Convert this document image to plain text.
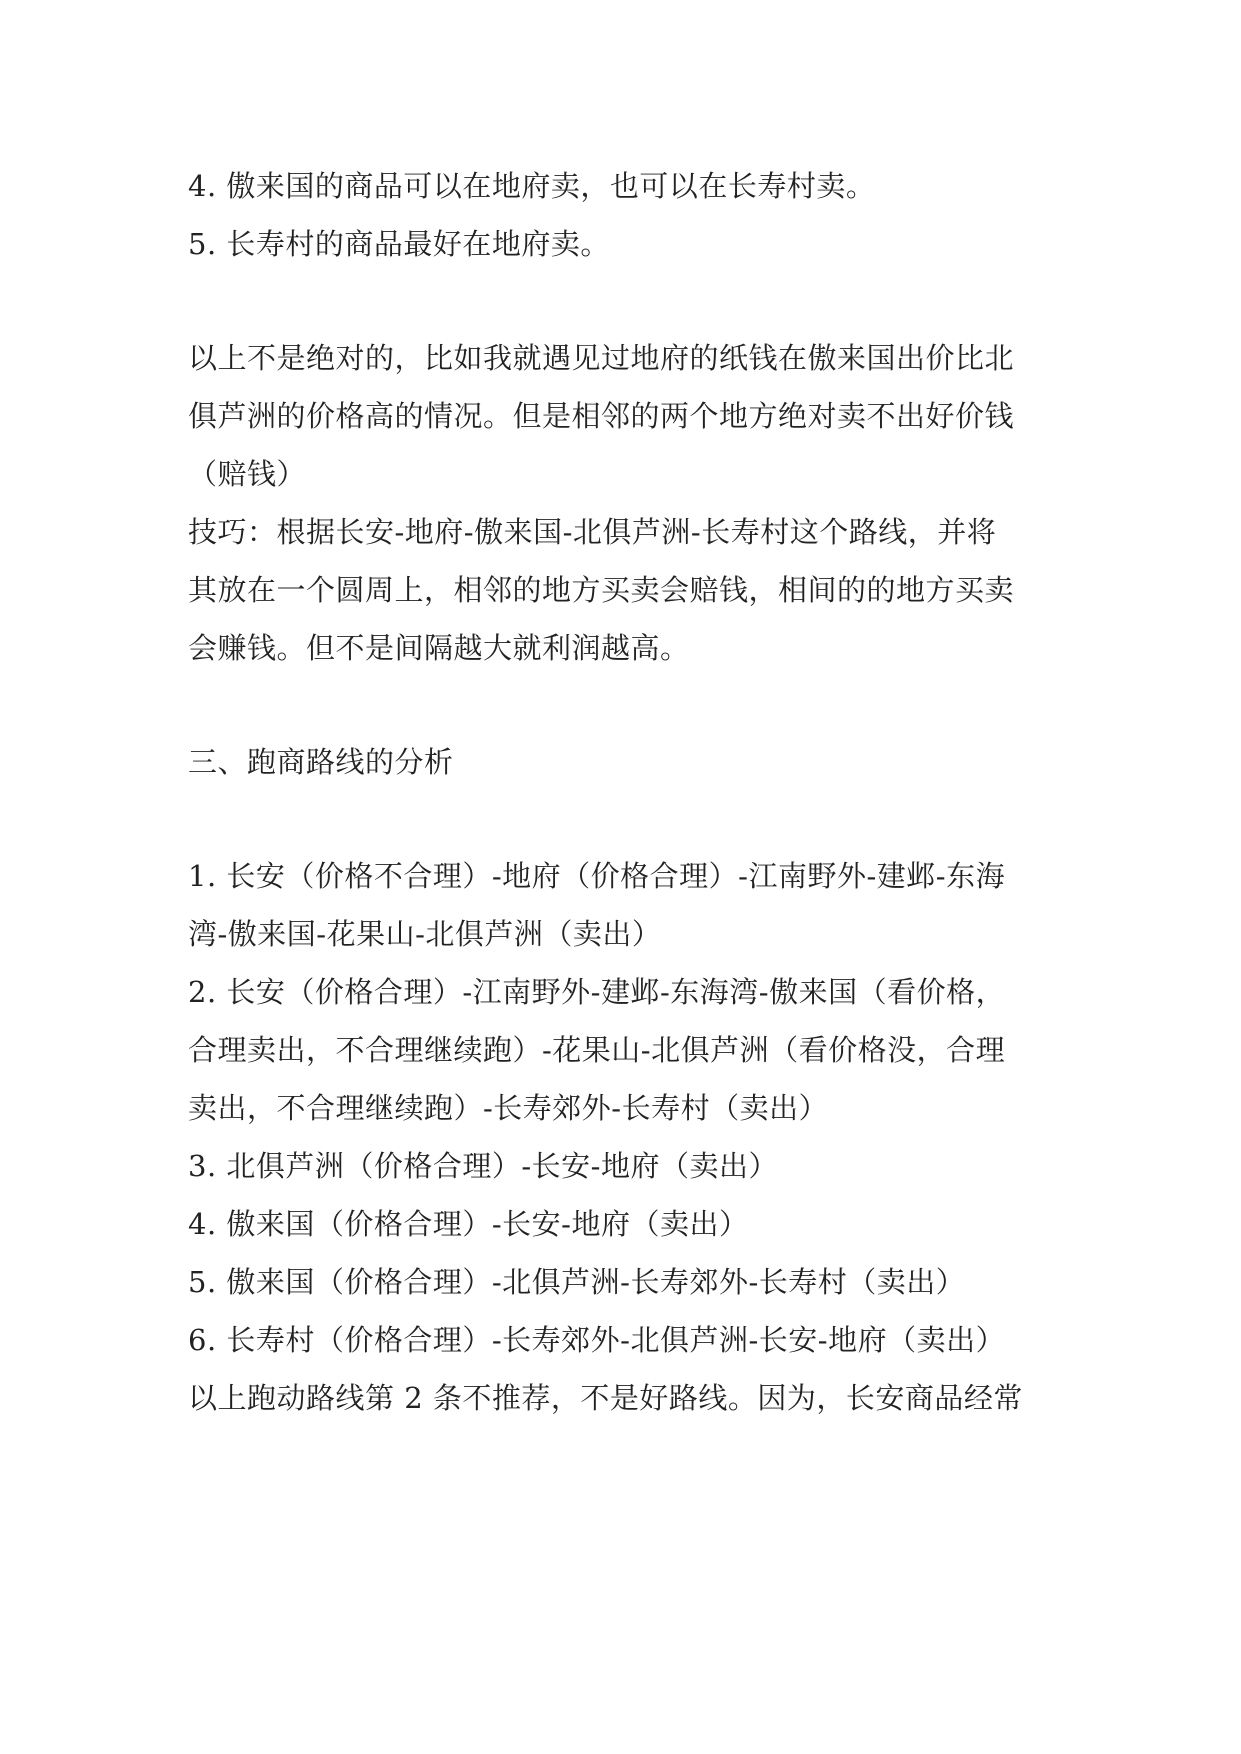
4. 傲来国的商品可以在地府卖，也可以在长寿村卖。
5. 长寿村的商品最好在地府卖。
以上不是绝对的，比如我就遇见过地府的纸钱在傲来国出价比北
俱芦洲的价格高的情况。但是相邻的两个地方绝对卖不出好价钱
（赔钱）
技巧：根据长安-地府-傲来国-北俱芦洲-长寿村这个路线，并将
其放在一个圆周上，相邻的地方买卖会赔钱，相间的的地方买卖
会赚钱。但不是间隔越大就利润越高。
三、跑商路线的分析
1. 长安（价格不合理）-地府（价格合理）-江南野外-建邺-东海
湾-傲来国-花果山-北俱芦洲（卖出）
2. 长安（价格合理）-江南野外-建邺-东海湾-傲来国（看价格，
合理卖出，不合理继续跑）-花果山-北俱芦洲（看价格没，合理
卖出，不合理继续跑）-长寿郊外-长寿村（卖出）
3. 北俱芦洲（价格合理）-长安-地府（卖出）
4. 傲来国（价格合理）-长安-地府（卖出）
5. 傲来国（价格合理）-北俱芦洲-长寿郊外-长寿村（卖出）
6. 长寿村（价格合理）-长寿郊外-北俱芦洲-长安-地府（卖出）
以上跑动路线第 2 条不推荐，不是好路线。因为，长安商品经常
